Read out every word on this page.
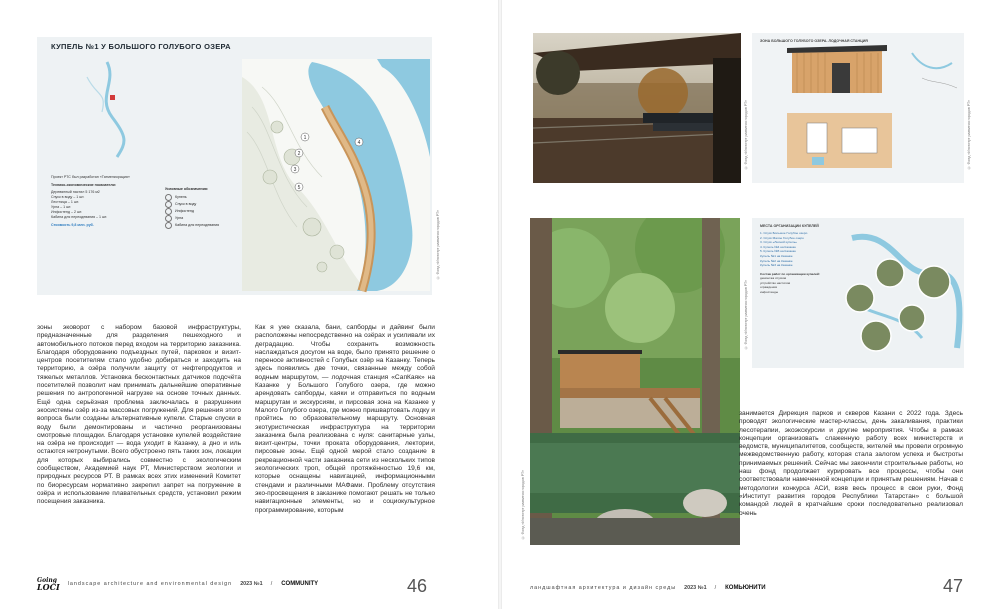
1
2
3
4
5
КУПЕЛЬ №1 У БОЛЬШОГО ГОЛУБОГО ОЗЕРА
Проект РТС был разработан «Татмелиорация»
Технико-экономические показатели:
Деревянный настил 5 176 м2
Спуск в воду – 1 шт.
Лестница – 1 шт.
Урна – 1 шт.
Инфостенд – 2 шт.
Кабина для переодевания – 1 шт.
Стоимость 9,8 млн. руб.
Условные обозначения:
Купель
Спуск в воду
Инфостенд
Урна
Кабина для переодевания	© Фонд «Институт развития городов РТ»

зоны эковорот с набором базовой инфраструктуры, предназначенные для разделения пешеходного и автомобильного потоков перед входом на территорию заказника. Благодаря оборудованию подъездных путей, парковок и визит-центров посетителям стало удобно добираться и заходить на территорию, а озёра получили защиту от нефтепродуктов и тяжелых металлов. Установка бесконтактных датчиков подсчёта посетителей позволит нам принимать дальнейшие оперативные решения по антропогенной нагрузке на основе точных данных. Ещё одна серьёзная проблема заключалась в разрушении экосистемы озёр из-за массовых погружений. Для решения этого вопроса были созданы альтернативные купели. Старые спуски в воду были демонтированы и частично реорганизованы смотровые площадки. Благодаря установке купелей воздействие на озёра не происходит — вода уходит в Казанку, а дно и иль остаются нетронутыми. Всего обустроено пять таких зон, локации для которых выбирались совместно с экологическим сообществом, Академией наук РТ, Министерством экологии и природных ресурсов РТ. В рамках всех этих изменений Комитет по биоресурсам нормативно закрепил запрет на погружение в озёра и использование плавательных средств, установил режим посещения заказника.

Как я уже сказала, бани, сапборды и дайвинг были расположены непосредственно на озёрах и усиливали их деградацию. Чтобы сохранить возможность наслаждаться досугом на воде, было принято решение о переносе активностей с Голубых озёр на Казанку. Теперь здесь появились две точки, связанные между собой водным маршрутом, — лодочная станция «СапКаяк» на Казанке у Большого Голубого озера, где можно арендовать сапборды, каяки и отправиться по водным маршрутам и экскурсиям, и пирсовая зона на Казанке у Малого Голубого озера, где можно пришвартовать лодку и пройтись по образовательному маршруту. Основная экотуристическая инфраструктура на территории заказника была реализована с нуля: санитарные узлы, визит-центры, точки проката оборудования, лектории, пирсовые зоны. Ещё одной мерой стало создание в рекреационной части заказника сети из нескольких типов экологических троп, общей протяжённостью 19,6 км, которые оснащены навигацией, информационными стендами и различными МАФами. Проблему отсутствия эко-просвещения в заказнике помогают решать не только навигационные элементы, но и социокультурное программирование, которым

Going
LOCI landscape architecture and environmental design 2023 №1 / COMMUNITY	46
© Фонд «Институт развития городов РТ»
ЗОНА БОЛЬШОГО ГОЛУБОГО ОЗЕРА. ЛОДОЧНАЯ СТАНЦИЯ
© Фонд «Институт развития городов РТ»
© Фонд «Институт развития городов РТ»
МЕСТА ОРГАНИЗАЦИИ КУПЕЛЕЙ
1. Спуск Большое Голубое озеро
2. Спуск Малое Голубое озеро
3. Спуск «Лесной купель»
4. Купель №4 на Казанке
5. Купель №5 на Казанке
Купель №1 на Казанке
Купель №2 на Казанке
Купель №3 на Казанке
Состав работ по организации купелей:
демонтаж спусков
устройство настилов
ограждения
инфостенды
© Фонд «Институт развития городов РТ»

занимается Дирекция парков и скверов Казани с 2022 года. Здесь проводят экологические мастер-классы, день закаливания, практики лесотерапии, экоэкскурсии и другие мероприятия. Чтобы в рамках концепции организовать слаженную работу всех министерств и ведомств, муниципалитетов, сообществ, жителей мы провели огромную межведомственную работу, которая стала залогом успеха и быстроты принимаемых решений. Сейчас мы закончили строительные работы, но наш фонд продолжает курировать все процессы, чтобы они соответствовали намеченной концепции и принятым решениям. Начав с методологии конкурса АСИ, взяв весь процесс в свои руки, Фонд «Институт развития городов Республики Татарстан» с большой командой людей в кратчайшие сроки последовательно реализовал очень

ландшафтная архитектура и дизайн среды 2023 №1 / КОМЬЮНИТИ	47
